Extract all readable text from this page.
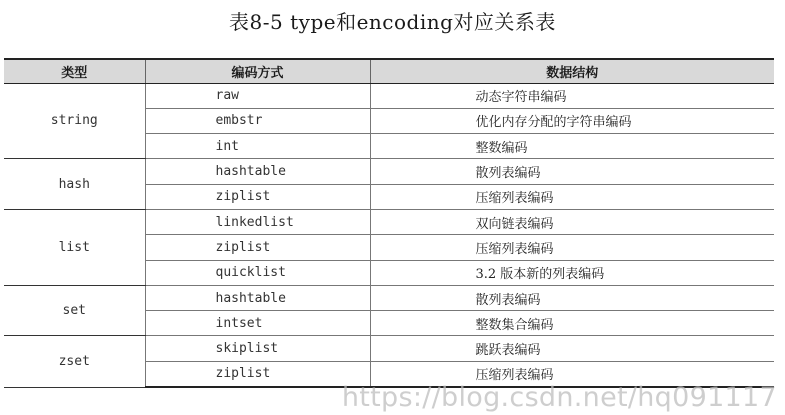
表8-5 type和encoding对应关系表
类型	编码方式	数据结构
string	raw	动态字符串编码
	embstr	优化内存分配的字符串编码
	int	整数编码
hash	hashtable	散列表编码
	ziplist	压缩列表编码
list	linkedlist	双向链表编码
	ziplist	压缩列表编码
	quicklist	3.2 版本新的列表编码
set	hashtable	散列表编码
	intset	整数集合编码
zset	skiplist	跳跃表编码
	ziplist	压缩列表编码
https://blog.csdn.net/hq091117
